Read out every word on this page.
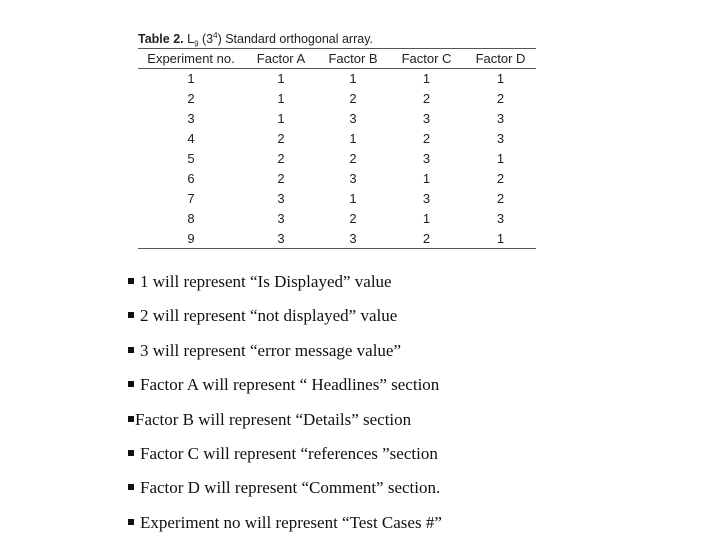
Table 2. $L_9$ $(3^4)$ Standard orthogonal array.
Experiment no.	Factor A	Factor B	Factor C	Factor D
1	1	1	1	1
2	1	2	2	2
3	1	3	3	3
4	2	1	2	3
5	2	2	3	1
6	2	3	1	2
7	3	1	3	2
8	3	2	1	3
9	3	3	2	1
1 will represent “Is Displayed” value
2 will represent “not displayed” value
3 will represent “error message value”
Factor A will represent “ Headlines” section
Factor B will represent “Details” section
Factor C will represent “references ”section
Factor D will represent “Comment” section.
Experiment no will represent “Test Cases #”
